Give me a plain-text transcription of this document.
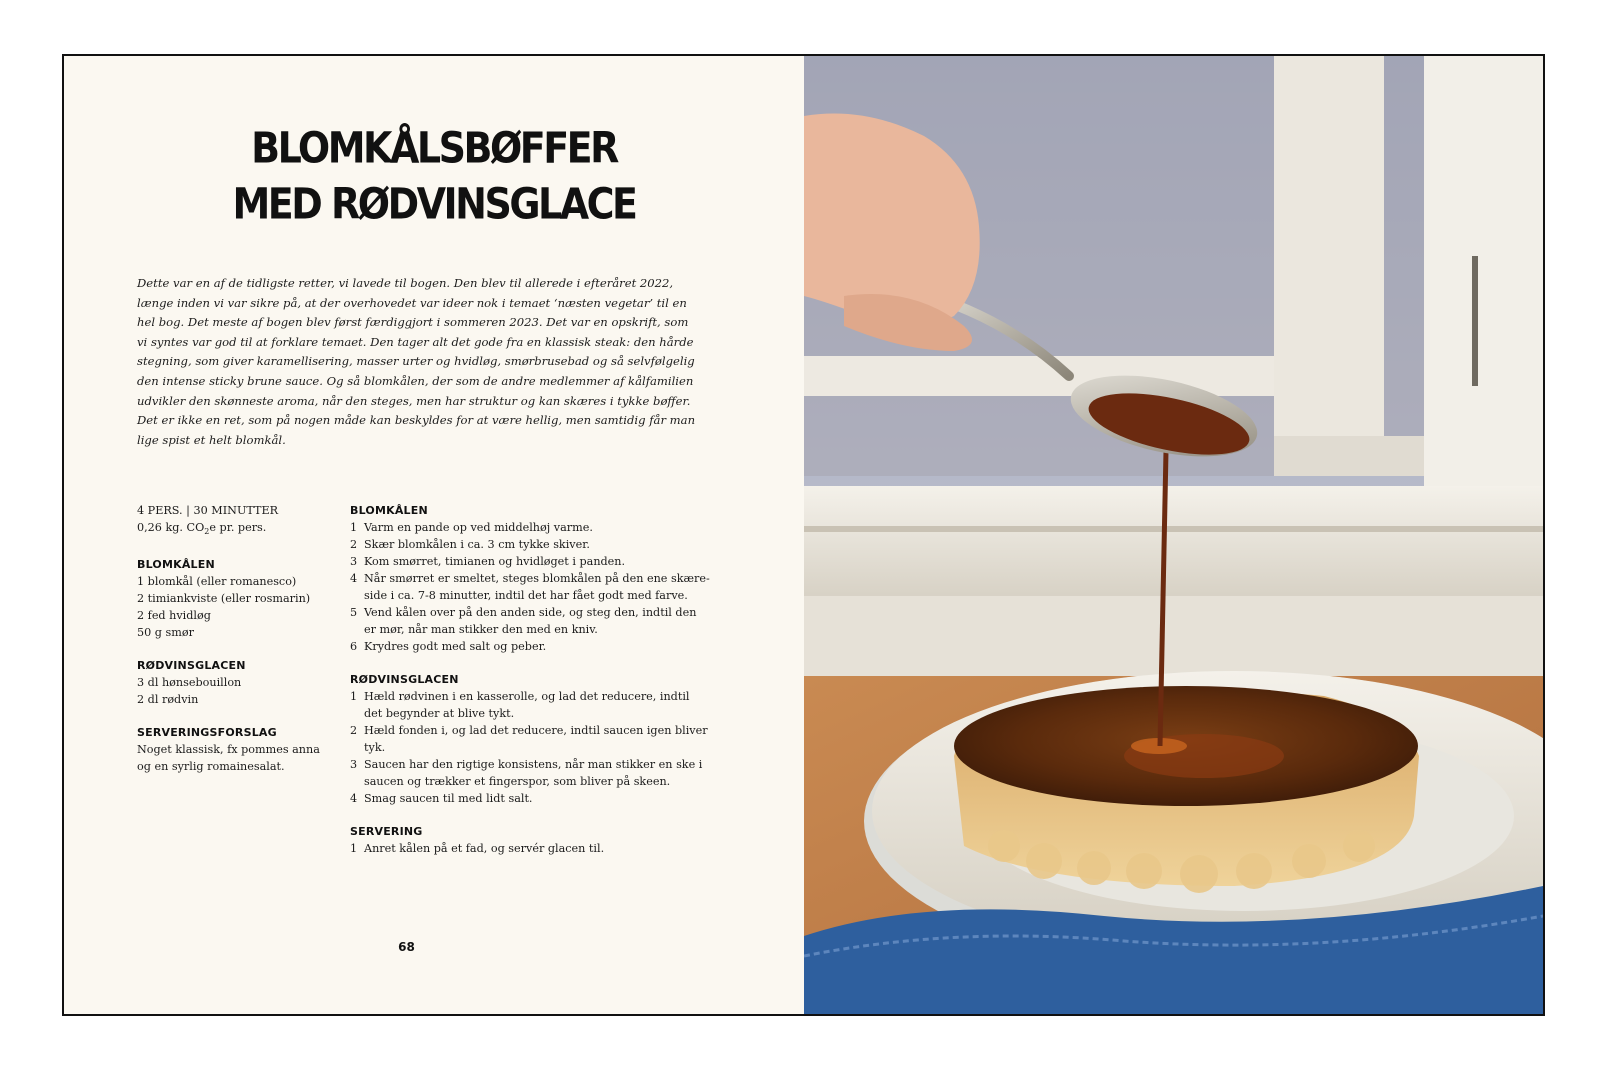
BLOMKÅLSBØFFER
MED RØDVINSGLACE

Dette var en af de tidligste retter, vi lavede til bogen. Den blev til allerede i efteråret 2022, længe inden vi var sikre på, at der overhovedet var ideer nok i temaet ‘næsten vegetar’ til en hel bog. Det meste af bogen blev først færdiggjort i sommeren 2023. Det var en opskrift, som vi syntes var god til at forklare temaet. Den tager alt det gode fra en klassisk steak: den hårde stegning, som giver karamellisering, masser urter og hvidløg, smørbrusebad og så selvfølgelig den intense sticky brune sauce. Og så blomkålen, der som de andre medlemmer af kålfamilien udvikler den skønneste aroma, når den steges, men har struktur og kan skæres i tykke bøffer. Det er ikke en ret, som på nogen måde kan beskyldes for at være hellig, men samtidig får man lige spist et helt blomkål.

4 PERS. | 30 MINUTTER
0,26 kg. $CO_2e$ pr. pers.
BLOMKÅLEN
1 blomkål (eller romanesco)
2 timiankviste (eller rosmarin)
2 fed hvidløg
50 g smør
RØDVINSGLACEN
3 dl hønsebouillon
2 dl rødvin
SERVERINGSFORSLAG
Noget klassisk, fx pommes anna
og en syrlig romainesalat.
BLOMKÅLEN
1 Varm en pande op ved middelhøj varme.
2 Skær blomkålen i ca. 3 cm tykke skiver.
3 Kom smørret, timianen og hvidløget i panden.
4 Når smørret er smeltet, steges blomkålen på den ene skære-side i ca. 7-8 minutter, indtil det har fået godt med farve.
5 Vend kålen over på den anden side, og steg den, indtil den er mør, når man stikker den med en kniv.
6 Krydres godt med salt og peber.
RØDVINSGLACEN
1 Hæld rødvinen i en kasserolle, og lad det reducere, indtil det begynder at blive tykt.
2 Hæld fonden i, og lad det reducere, indtil saucen igen bliver tyk.
3 Saucen har den rigtige konsistens, når man stikker en ske i saucen og trækker et fingerspor, som bliver på skeen.
4 Smag saucen til med lidt salt.
SERVERING
1 Anret kålen på et fad, og servér glacen til.
68
